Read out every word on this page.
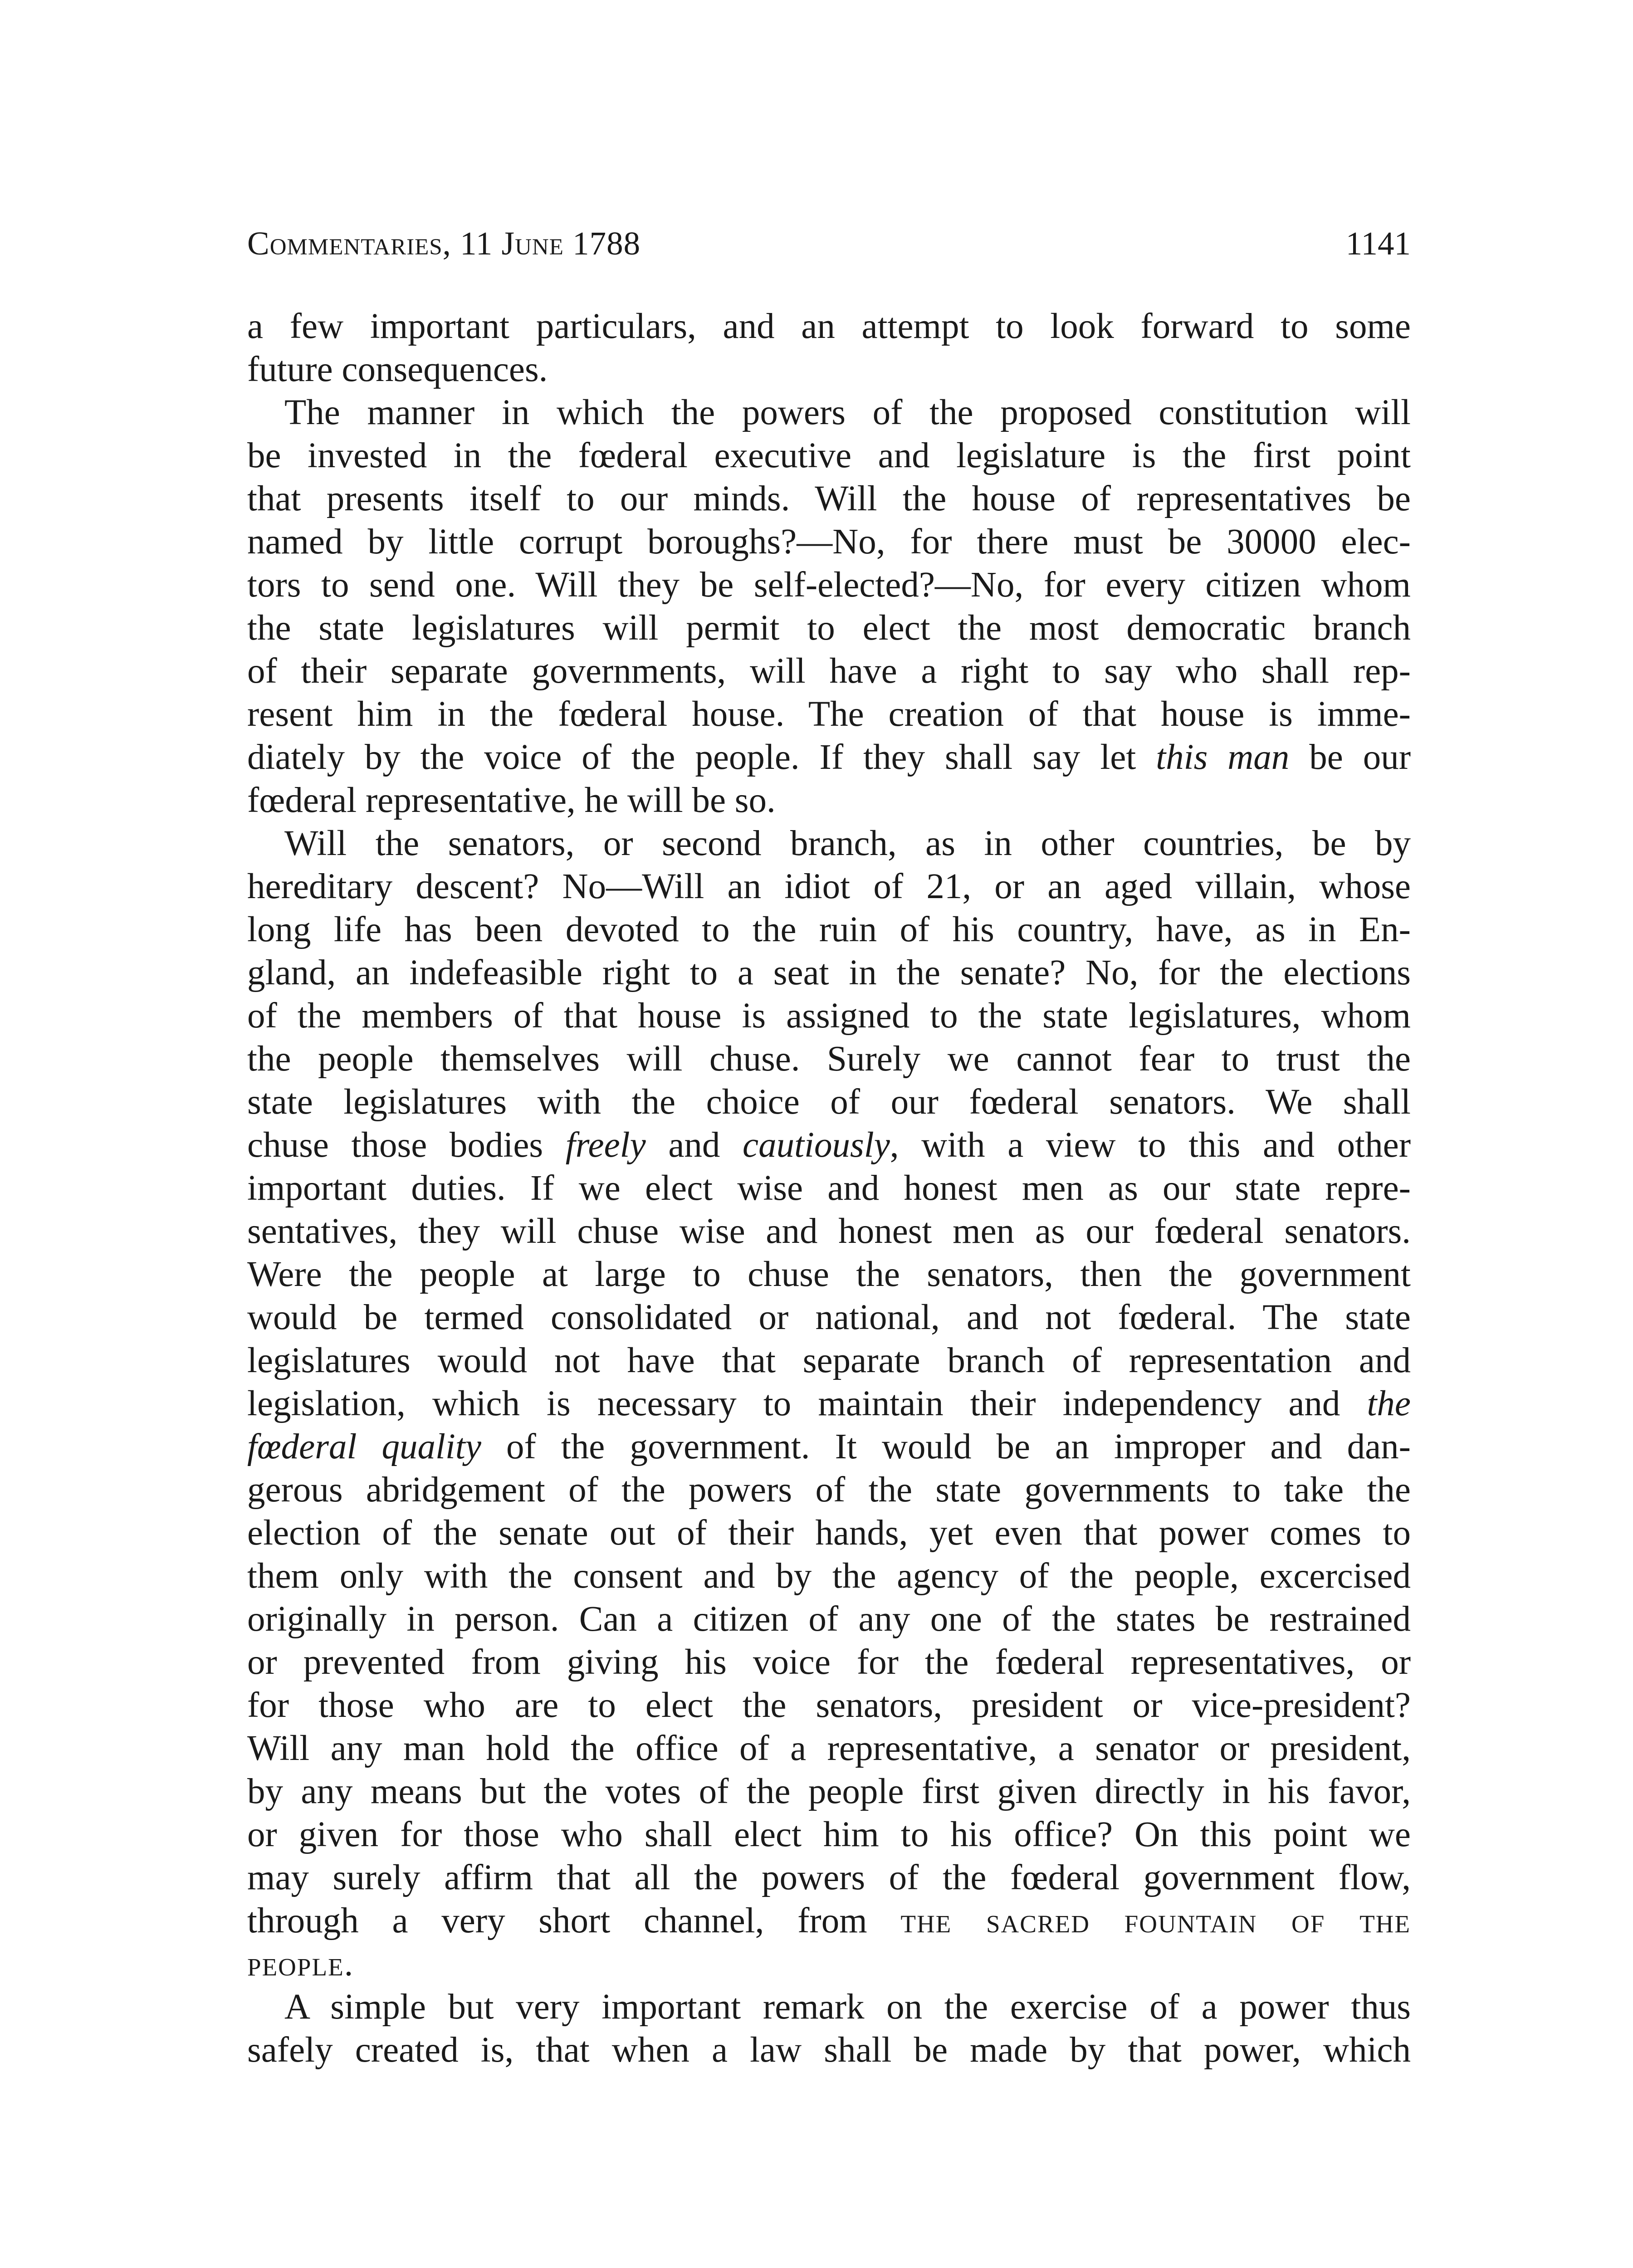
Commentaries, 11 June 1788	1141
a few important particulars, and an attempt to look forward to some
future consequences.
The manner in which the powers of the proposed constitution will
be invested in the fœderal executive and legislature is the first point
that presents itself to our minds. Will the house of representatives be
named by little corrupt boroughs?—No, for there must be 30000 elec-
tors to send one. Will they be self-elected?—No, for every citizen whom
the state legislatures will permit to elect the most democratic branch
of their separate governments, will have a right to say who shall rep-
resent him in the fœderal house. The creation of that house is imme-
diately by the voice of the people. If they shall say let this man be our
fœderal representative, he will be so.
Will the senators, or second branch, as in other countries, be by
hereditary descent? No—Will an idiot of 21, or an aged villain, whose
long life has been devoted to the ruin of his country, have, as in En-
gland, an indefeasible right to a seat in the senate? No, for the elections
of the members of that house is assigned to the state legislatures, whom
the people themselves will chuse. Surely we cannot fear to trust the
state legislatures with the choice of our fœderal senators. We shall
chuse those bodies freely and cautiously, with a view to this and other
important duties. If we elect wise and honest men as our state repre-
sentatives, they will chuse wise and honest men as our fœderal senators.
Were the people at large to chuse the senators, then the government
would be termed consolidated or national, and not fœderal. The state
legislatures would not have that separate branch of representation and
legislation, which is necessary to maintain their independency and the
fœderal quality of the government. It would be an improper and dan-
gerous abridgement of the powers of the state governments to take the
election of the senate out of their hands, yet even that power comes to
them only with the consent and by the agency of the people, excercised
originally in person. Can a citizen of any one of the states be restrained
or prevented from giving his voice for the fœderal representatives, or
for those who are to elect the senators, president or vice-president?
Will any man hold the office of a representative, a senator or president,
by any means but the votes of the people first given directly in his favor,
or given for those who shall elect him to his office? On this point we
may surely affirm that all the powers of the fœderal government flow,
through a very short channel, from the sacred fountain of the
people.
A simple but very important remark on the exercise of a power thus
safely created is, that when a law shall be made by that power, which
